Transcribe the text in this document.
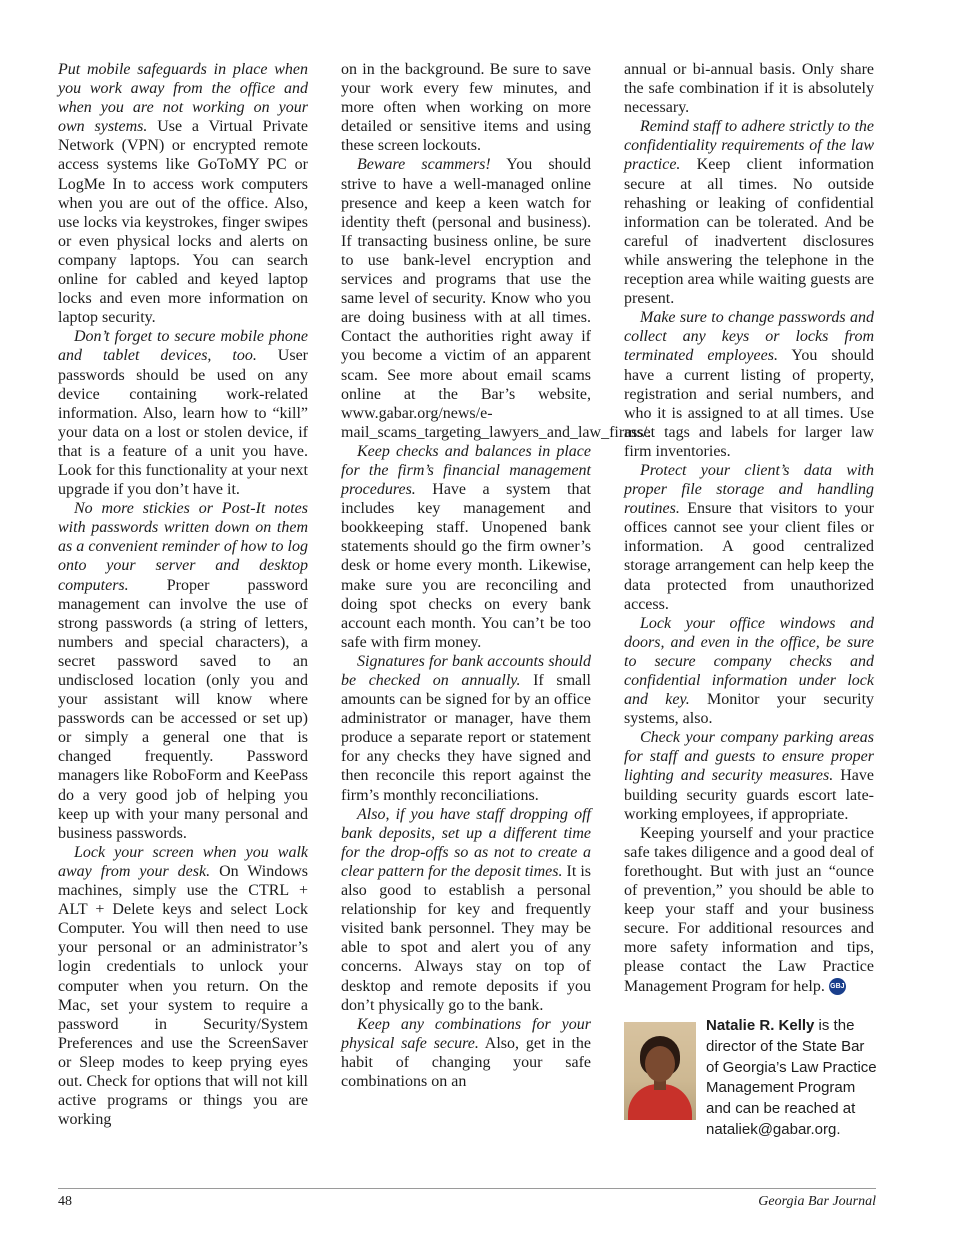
Put mobile safeguards in place when you work away from the office and when you are not working on your own systems. Use a Virtual Private Network (VPN) or encrypted remote access systems like GoToMY PC or LogMe In to access work computers when you are out of the office. Also, use locks via keystrokes, finger swipes or even physical locks and alerts on company laptops. You can search online for cabled and keyed laptop locks and even more information on laptop security.

Don’t forget to secure mobile phone and tablet devices, too. User passwords should be used on any device containing work-related information. Also, learn how to “kill” your data on a lost or stolen device, if that is a feature of a unit you have. Look for this functionality at your next upgrade if you don’t have it.

No more stickies or Post-It notes with passwords written down on them as a convenient reminder of how to log onto your server and desktop computers. Proper password management can involve the use of strong passwords (a string of letters, numbers and special characters), a secret password saved to an undisclosed location (only you and your assistant will know where passwords can be accessed or set up) or simply a general one that is changed frequently. Password managers like RoboForm and KeePass do a very good job of helping you keep up with your many personal and business passwords.

Lock your screen when you walk away from your desk. On Windows machines, simply use the CTRL + ALT + Delete keys and select Lock Computer. You will then need to use your personal or an administrator’s login credentials to unlock your computer when you return. On the Mac, set your system to require a password in Security/System Preferences and use the ScreenSaver or Sleep modes to keep prying eyes out. Check for options that will not kill active programs or things you are working

on in the background. Be sure to save your work every few minutes, and more often when working on more detailed or sensitive items and using these screen lockouts.

Beware scammers! You should strive to have a well-managed online presence and keep a keen watch for identity theft (personal and business). If transacting business online, be sure to use bank-level encryption and services and programs that use the same level of security. Know who you are doing business with at all times. Contact the authorities right away if you become a victim of an apparent scam. See more about email scams online at the Bar’s website, www.gabar.org/news/e-mail_scams_targeting_lawyers_and_law_firms/.

Keep checks and balances in place for the firm’s financial management procedures. Have a system that includes key management and bookkeeping staff. Unopened bank statements should go the firm owner’s desk or home every month. Likewise, make sure you are reconciling and doing spot checks on every bank account each month. You can’t be too safe with firm money.

Signatures for bank accounts should be checked on annually. If small amounts can be signed for by an office administrator or manager, have them produce a separate report or statement for any checks they have signed and then reconcile this report against the firm’s monthly reconciliations.

Also, if you have staff dropping off bank deposits, set up a different time for the drop-offs so as not to create a clear pattern for the deposit times. It is also good to establish a personal relationship for key and frequently visited bank personnel. They may be able to spot and alert you of any concerns. Always stay on top of desktop and remote deposits if you don’t physically go to the bank.

Keep any combinations for your physical safe secure. Also, get in the habit of changing your safe combinations on an

annual or bi-annual basis. Only share the safe combination if it is absolutely necessary.

Remind staff to adhere strictly to the confidentiality requirements of the law practice. Keep client information secure at all times. No outside rehashing or leaking of confidential information can be tolerated. And be careful of inadvertent disclosures while answering the telephone in the reception area while waiting guests are present.

Make sure to change passwords and collect any keys or locks from terminated employees. You should have a current listing of property, registration and serial numbers, and who it is assigned to at all times. Use asset tags and labels for larger law firm inventories.

Protect your client’s data with proper file storage and handling routines. Ensure that visitors to your offices cannot see your client files or information. A good centralized storage arrangement can help keep the data protected from unauthorized access.

Lock your office windows and doors, and even in the office, be sure to secure company checks and confidential information under lock and key. Monitor your security systems, also.

Check your company parking areas for staff and guests to ensure proper lighting and security measures. Have building security guards escort late-working employees, if appropriate.

Keeping yourself and your practice safe takes diligence and a good deal of forethought. But with just an “ounce of prevention,” you should be able to keep your staff and your business secure. For additional resources and more safety information and tips, please contact the Law Practice Management Program for help. GBJ

Natalie R. Kelly is the director of the State Bar of Georgia’s Law Practice Management Program and can be reached at nataliek@gabar.org.
48	Georgia Bar Journal
